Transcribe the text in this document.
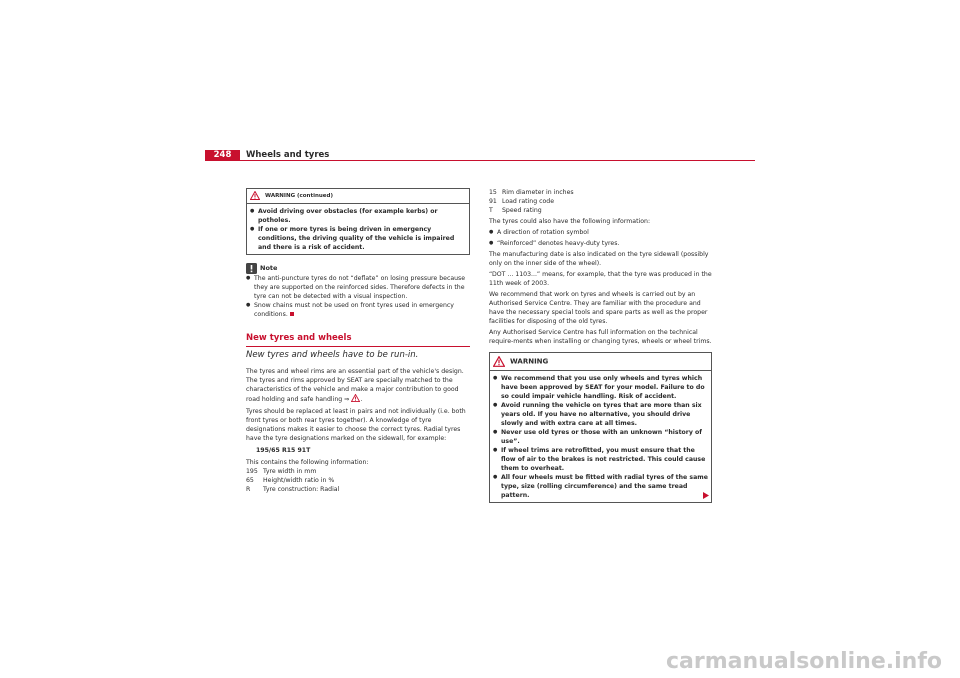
248	Wheels and tyres
WARNING (continued)

● Avoid driving over obstacles (for example kerbs) or potholes.

● If one or more tyres is being driven in emergency conditions, the driving quality of the vehicle is impaired and there is a risk of accident.

Note

● The anti-puncture tyres do not “deflate” on losing pressure because they are supported on the reinforced sides. Therefore defects in the tyre can not be detected with a visual inspection.

● Snow chains must not be used on front tyres used in emergency conditions.

New tyres and wheels
New tyres and wheels have to be run-in.

The tyres and wheel rims are an essential part of the vehicle's design. The tyres and rims approved by SEAT are specially matched to the characteristics of the vehicle and make a major contribution to good road holding and safe handling ⇒ .

Tyres should be replaced at least in pairs and not individually (i.e. both front tyres or both rear tyres together). A knowledge of tyre designations makes it easier to choose the correct tyres. Radial tyres have the tyre designations marked on the sidewall, for example:

195/65 R15 91T

This contains the following information:

195 Tyre width in mm
65	Height/width ratio in %
R	Tyre construction: Radial
15 Rim diameter in inches
91 Load rating code
T	Speed rating

The tyres could also have the following information:

● A direction of rotation symbol

● “Reinforced” denotes heavy-duty tyres.

The manufacturing date is also indicated on the tyre sidewall (possibly only on the inner side of the wheel).

“DOT ... 1103...” means, for example, that the tyre was produced in the 11th week of 2003.

We recommend that work on tyres and wheels is carried out by an Authorised Service Centre. They are familiar with the procedure and have the necessary special tools and spare parts as well as the proper facilities for disposing of the old tyres.

Any Authorised Service Centre has full information on the technical require-ments when installing or changing tyres, wheels or wheel trims.

WARNING

● We recommend that you use only wheels and tyres which have been approved by SEAT for your model. Failure to do so could impair vehicle handling. Risk of accident.

● Avoid running the vehicle on tyres that are more than six years old. If you have no alternative, you should drive slowly and with extra care at all times.

● Never use old tyres or those with an unknown “history of use”.

● If wheel trims are retrofitted, you must ensure that the flow of air to the brakes is not restricted. This could cause them to overheat.

● All four wheels must be fitted with radial tyres of the same type, size (rolling circumference) and the same tread pattern.

carmanualsonline.info
